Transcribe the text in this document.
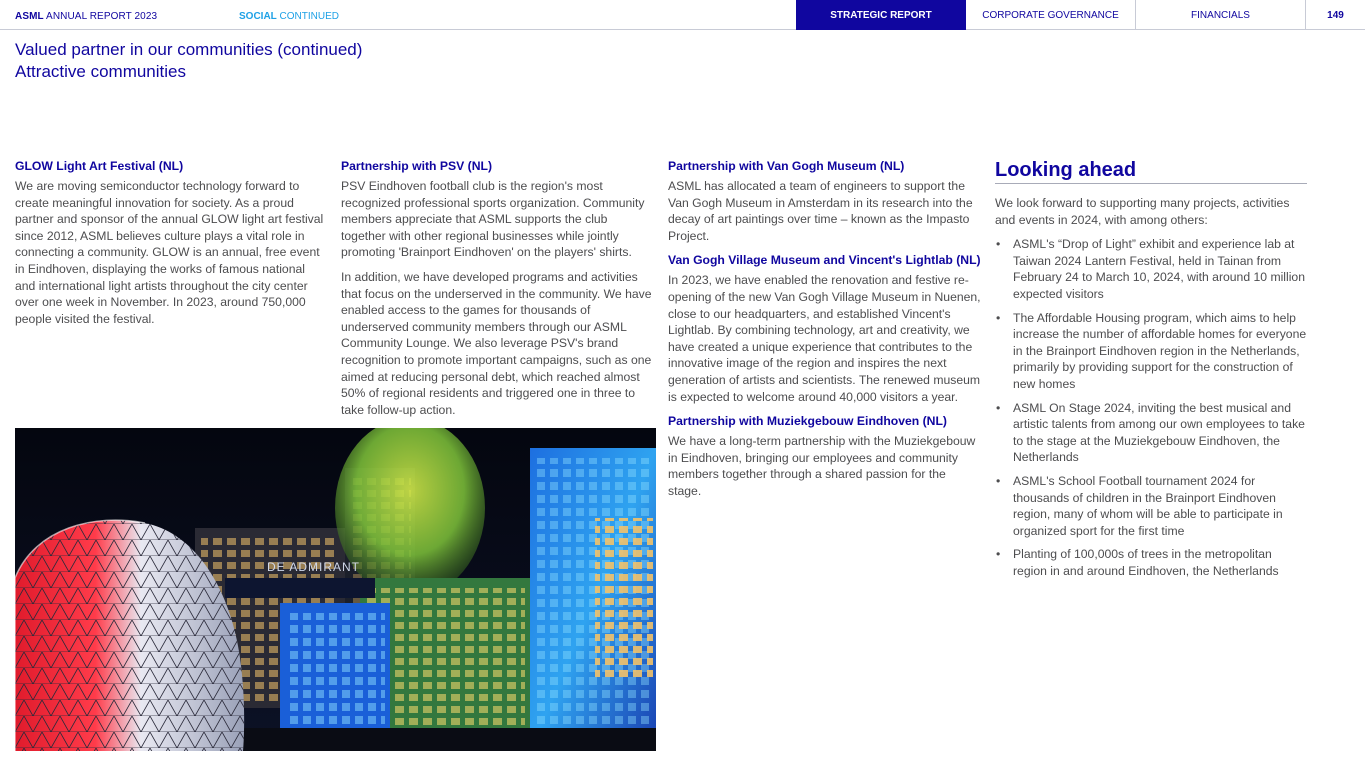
ASML ANNUAL REPORT 2023	SOCIAL CONTINUED	STRATEGIC REPORT	CORPORATE GOVERNANCE	FINANCIALS	149
Valued partner in our communities (continued)
Attractive communities
GLOW Light Art Festival (NL)

We are moving semiconductor technology forward to create meaningful innovation for society. As a proud partner and sponsor of the annual GLOW light art festival since 2012, ASML believes culture plays a vital role in connecting a community. GLOW is an annual, free event in Eindhoven, displaying the works of famous national and international light artists throughout the city center over one week in November. In 2023, around 750,000 people visited the festival.

Partnership with PSV (NL)

PSV Eindhoven football club is the region's most recognized professional sports organization. Community members appreciate that ASML supports the club together with other regional businesses while jointly promoting 'Brainport Eindhoven' on the players' shirts.

In addition, we have developed programs and activities that focus on the underserved in the community. We have enabled access to the games for thousands of underserved community members through our ASML Community Lounge. We also leverage PSV's brand recognition to promote important campaigns, such as one aimed at reducing personal debt, which reached almost 50% of regional residents and triggered one in three to take follow-up action.

Partnership with Van Gogh Museum (NL)

ASML has allocated a team of engineers to support the Van Gogh Museum in Amsterdam in its research into the decay of art paintings over time – known as the Impasto Project.

Van Gogh Village Museum and Vincent's Lightlab (NL)

In 2023, we have enabled the renovation and festive re-opening of the new Van Gogh Village Museum in Nuenen, close to our headquarters, and established Vincent's Lightlab. By combining technology, art and creativity, we have created a unique experience that contributes to the innovative image of the region and inspires the next generation of artists and scientists. The renewed museum is expected to welcome around 40,000 visitors a year.

Partnership with Muziekgebouw Eindhoven (NL)

We have a long-term partnership with the Muziekgebouw in Eindhoven, bringing our employees and community members together through a shared passion for the stage.

Looking ahead

We look forward to supporting many projects, activities and events in 2024, with among others:

• ASML's “Drop of Light” exhibit and experience lab at Taiwan 2024 Lantern Festival, held in Tainan from February 24 to March 10, 2024, with around 10 million expected visitors
• The Affordable Housing program, which aims to help increase the number of affordable homes for everyone in the Brainport Eindhoven region in the Netherlands, primarily by providing support for the construction of new homes
• ASML On Stage 2024, inviting the best musical and artistic talents from among our own employees to take to the stage at the Muziekgebouw Eindhoven, the Netherlands
• ASML's School Football tournament 2024 for thousands of children in the Brainport Eindhoven region, many of whom will be able to participate in organized sport for the first time
• Planting of 100,000s of trees in the metropolitan region in and around Eindhoven, the Netherlands
DE ADMIRANT
